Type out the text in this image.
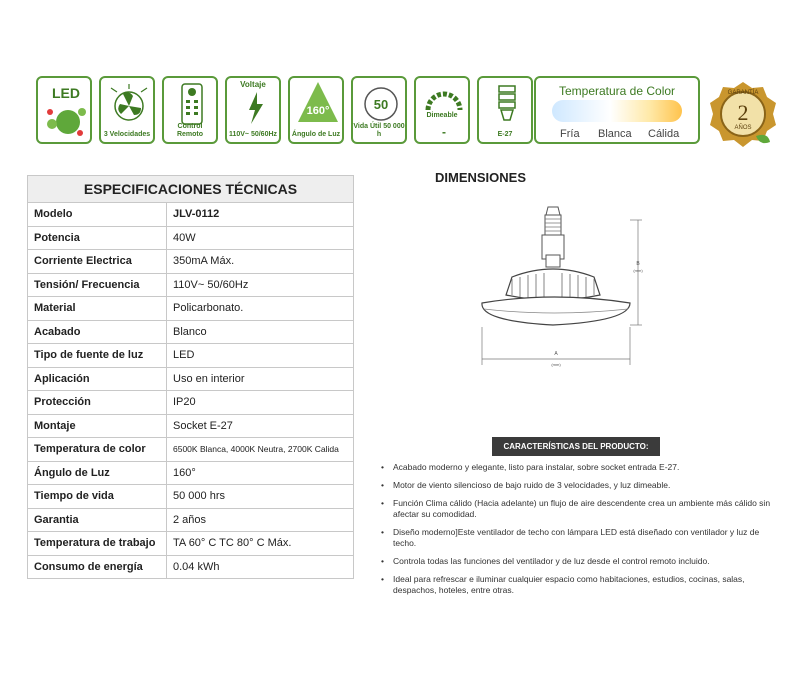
LED
3 Velocidades
Control Remoto
Voltaje
110V~ 50/60Hz
160°
Ángulo de Luz
50
Vida Útil 50 000 h	-
Dimeable
E-27
Temperatura de Color
Fría Blanca Cálida
GARANTÍA
2
AÑOS
ESPECIFICACIONES TÉCNICAS	
Modelo	JLV-0112
Potencia	40W
Corriente Electrica	350mA Máx.
Tensión/ Frecuencia	110V~ 50/60Hz
Material	Policarbonato.
Acabado	Blanco
Tipo de fuente de luz	LED
Aplicación	Uso en interior
Protección	IP20
Montaje	Socket E-27
Temperatura de color	6500K Blanca, 4000K Neutra, 2700K Calida
Ángulo de Luz	160°
Tiempo de vida	50 000 hrs
Garantia	2 años
Temperatura de trabajo	TA 60° C TC 80° C Máx.
Consumo de energía	0.04 kWh
DIMENSIONES
B
(mm)
A
(mm)
CARACTERÍSTICAS DEL PRODUCTO:
• Acabado moderno y elegante, listo para instalar, sobre socket entrada E-27.
• Motor de viento silencioso de bajo ruido de 3 velocidades, y luz dimeable.
• Función Clima cálido (Hacia adelante) un flujo de aire descendente crea un ambiente más cálido sin afectar su comodidad.
• Diseño moderno]Este ventilador de techo con lámpara LED está diseñado con ventilador y luz de techo.
• Controla todas las funciones del ventilador y de luz desde el control remoto incluido.
• Ideal para refrescar e iluminar cualquier espacio como habitaciones, estudios, cocinas, salas, despachos, hoteles, entre otras.
